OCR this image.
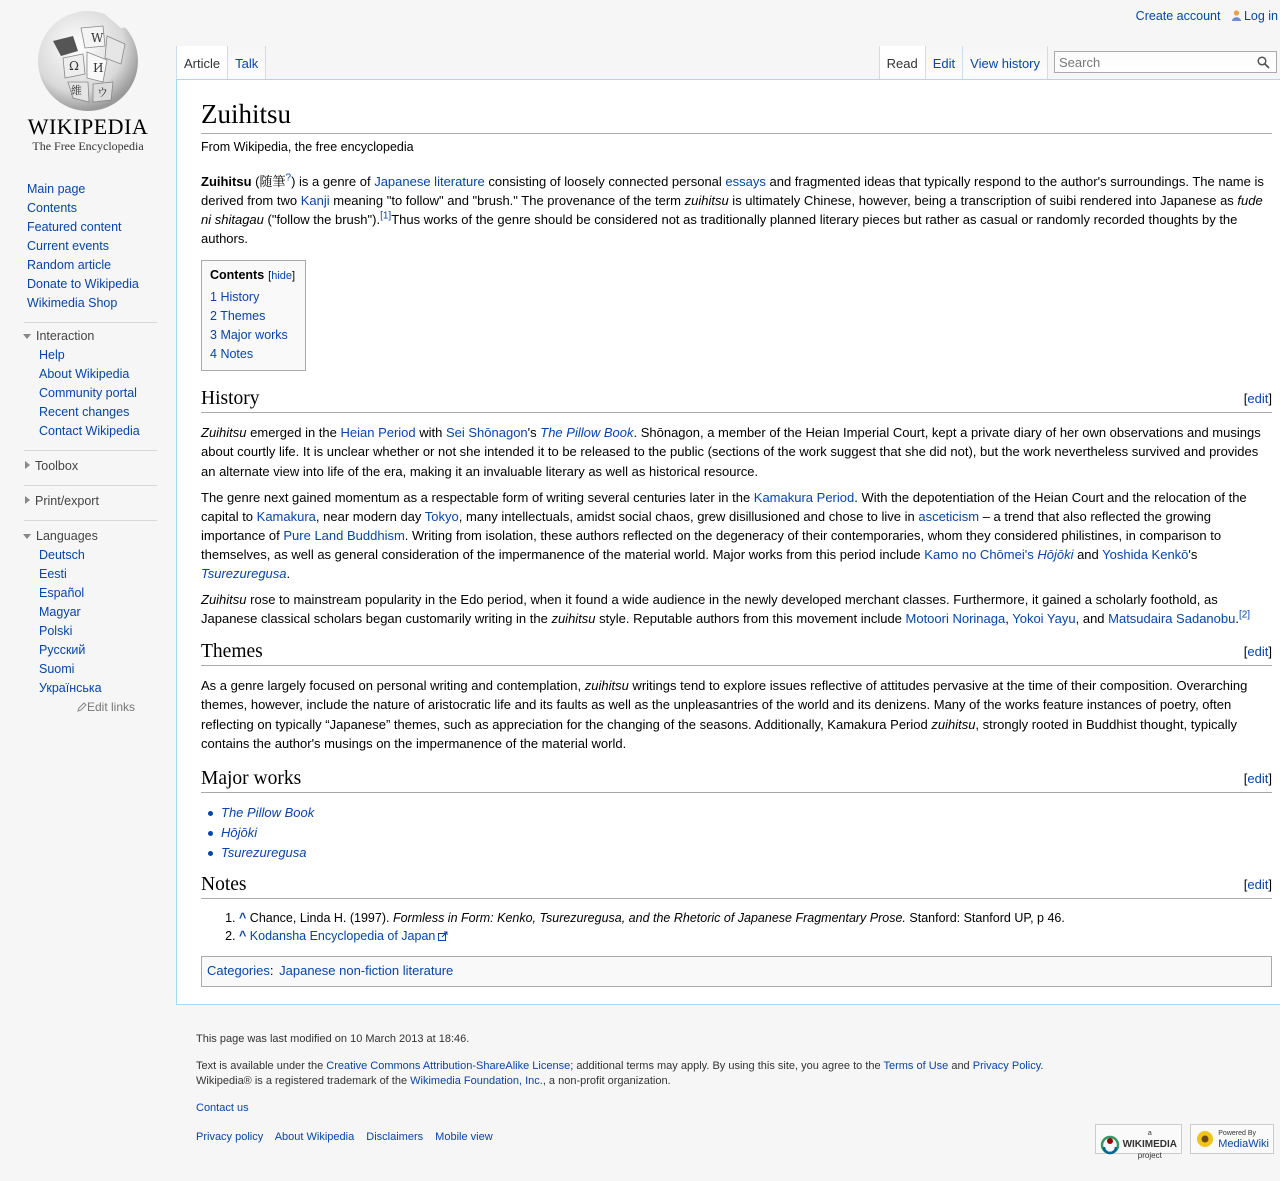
Create account Log in
W
Ω И
維 ウ
WIKIPEDIA
The Free Encyclopedia
Main page
Contents
Featured content
Current events
Random article
Donate to Wikipedia
Wikimedia Shop
Interaction
Help
About Wikipedia
Community portal
Recent changes
Contact Wikipedia
Toolbox
Print/export
Languages
Deutsch
Eesti
Español
Magyar
Polski
Русский
Suomi
Українська
Edit links
Article	Talk	Read	Edit	View history
Search
Zuihitsu
From Wikipedia, the free encyclopedia

Zuihitsu (随筆?) is a genre of Japanese literature consisting of loosely connected personal essays and fragmented ideas that typically respond to the author's surroundings. The name is derived from two Kanji meaning "to follow" and "brush." The provenance of the term zuihitsu is ultimately Chinese, however, being a transcription of suibi rendered into Japanese as fude ni shitagau ("follow the brush").[1]Thus works of the genre should be considered not as traditionally planned literary pieces but rather as casual or randomly recorded thoughts by the authors.

Contents [hide]
1 History
2 Themes
3 Major works
4 Notes
History	[edit]

Zuihitsu emerged in the Heian Period with Sei Shōnagon's The Pillow Book. Shōnagon, a member of the Heian Imperial Court, kept a private diary of her own observations and musings about courtly life. It is unclear whether or not she intended it to be released to the public (sections of the work suggest that she did not), but the work nevertheless survived and provides an alternate view into life of the era, making it an invaluable literary as well as historical resource.

The genre next gained momentum as a respectable form of writing several centuries later in the Kamakura Period. With the depotentiation of the Heian Court and the relocation of the capital to Kamakura, near modern day Tokyo, many intellectuals, amidst social chaos, grew disillusioned and chose to live in asceticism – a trend that also reflected the growing importance of Pure Land Buddhism. Writing from isolation, these authors reflected on the degeneracy of their contemporaries, whom they considered philistines, in comparison to themselves, as well as general consideration of the impermanence of the material world. Major works from this period include Kamo no Chōmei's Hōjōki and Yoshida Kenkō's Tsurezuregusa.

Zuihitsu rose to mainstream popularity in the Edo period, when it found a wide audience in the newly developed merchant classes. Furthermore, it gained a scholarly foothold, as Japanese classical scholars began customarily writing in the zuihitsu style. Reputable authors from this movement include Motoori Norinaga, Yokoi Yayu, and Matsudaira Sadanobu.[2]

Themes	[edit]

As a genre largely focused on personal writing and contemplation, zuihitsu writings tend to explore issues reflective of attitudes pervasive at the time of their composition. Overarching themes, however, include the nature of aristocratic life and its faults as well as the unpleasantries of the world and its denizens. Many of the works feature instances of poetry, often reflecting on typically “Japanese” themes, such as appreciation for the changing of the seasons. Additionally, Kamakura Period zuihitsu, strongly rooted in Buddhist thought, typically contains the author's musings on the impermanence of the material world.

Major works	[edit]
The Pillow Book
Hōjōki
Tsurezuregusa
Notes	[edit]
1. ^ Chance, Linda H. (1997). Formless in Form: Kenko, Tsurezuregusa, and the Rhetoric of Japanese Fragmentary Prose. Stanford: Stanford UP, p 46.
2. ^ Kodansha Encyclopedia of Japan
Categories: Japanese non-fiction literature
This page was last modified on 10 March 2013 at 18:46.
Text is available under the Creative Commons Attribution-ShareAlike License; additional terms may apply. By using this site, you agree to the Terms of Use and Privacy Policy.
Wikipedia® is a registered trademark of the Wikimedia Foundation, Inc., a non-profit organization.
Contact us
Privacy policy About Wikipedia Disclaimers Mobile view
	a
WIKIMEDIA
project

Powered By
MediaWiki
